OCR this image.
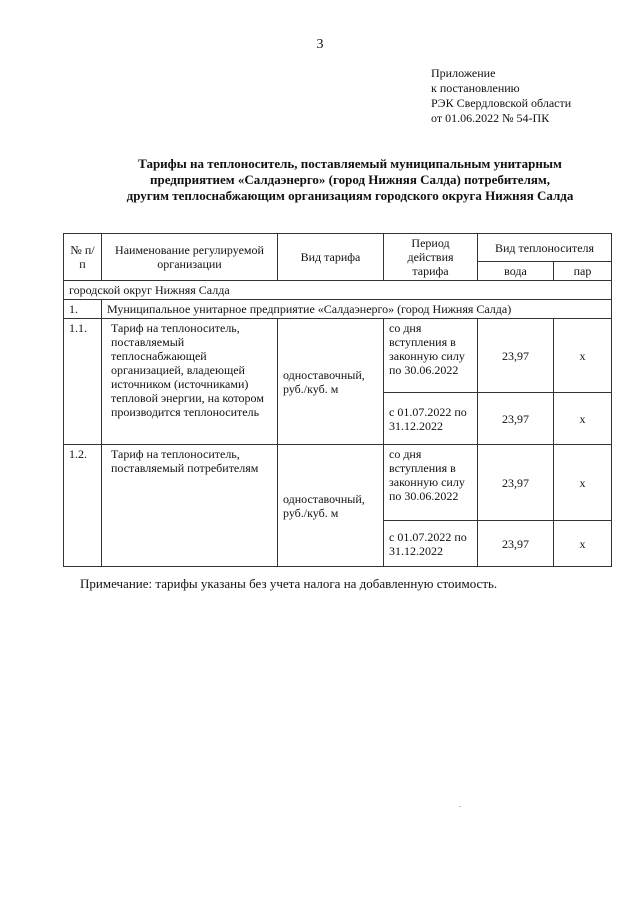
3
Приложение
к постановлению
РЭК Свердловской области
от 01.06.2022 № 54-ПК
Тарифы на теплоноситель, поставляемый муниципальным унитарным
предприятием «Салдаэнерго» (город Нижняя Салда) потребителям,
другим теплоснабжающим организациям городского округа Нижняя Салда
№ п/п	Наименование регулируемой организации	Вид тарифа	Период действия тарифа	Вид теплоносителя	
				вода	пар
городской округ Нижняя Салда					
1.	Муниципальное унитарное предприятие «Салдаэнерго» (город Нижняя Салда)				
1.1.	Тариф на теплоноситель, поставляемый теплоснабжающей организацией, владеющей источником (источниками) тепловой энергии, на котором производится теплоноситель	одноставочный, руб./куб. м	со дня вступления в законную силу по 30.06.2022	23,97	х
			с 01.07.2022 по 31.12.2022	23,97	х
1.2.	Тариф на теплоноситель, поставляемый потребителям	одноставочный, руб./куб. м	со дня вступления в законную силу по 30.06.2022	23,97	х
			с 01.07.2022 по 31.12.2022	23,97	х
Примечание: тарифы указаны без учета налога на добавленную стоимость.
